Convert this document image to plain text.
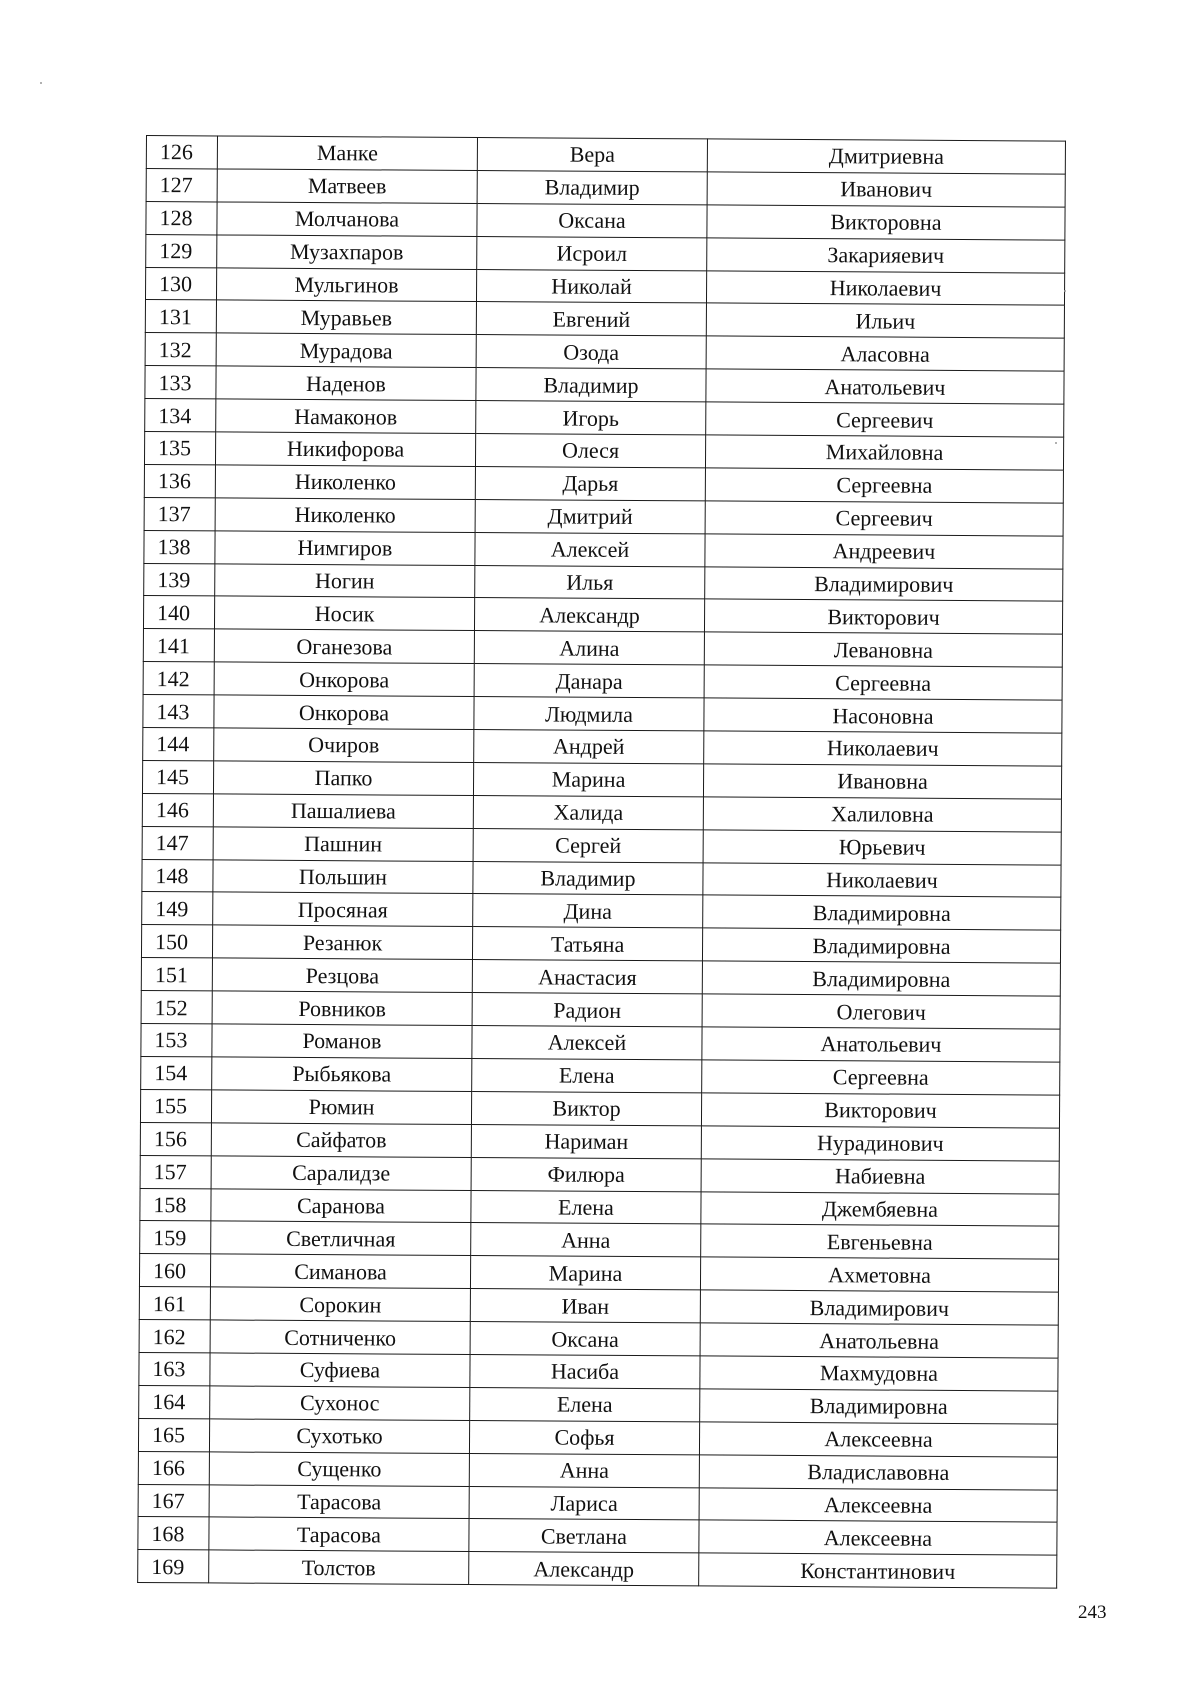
126	Манке	Вера	Дмитриевна
127	Матвеев	Владимир	Иванович
128	Молчанова	Оксана	Викторовна
129	Музахпаров	Исроил	Закарияевич
130	Мульгинов	Николай	Николаевич
131	Муравьев	Евгений	Ильич
132	Мурадова	Озода	Аласовна
133	Наденов	Владимир	Анатольевич
134	Намаконов	Игорь	Сергеевич
135	Никифорова	Олеся	Михайловна
136	Николенко	Дарья	Сергеевна
137	Николенко	Дмитрий	Сергеевич
138	Нимгиров	Алексей	Андреевич
139	Ногин	Илья	Владимирович
140	Носик	Александр	Викторович
141	Оганезова	Алина	Левановна
142	Онкорова	Данара	Сергеевна
143	Онкорова	Людмила	Насоновна
144	Очиров	Андрей	Николаевич
145	Папко	Марина	Ивановна
146	Пашалиева	Халида	Халиловна
147	Пашнин	Сергей	Юрьевич
148	Польшин	Владимир	Николаевич
149	Просяная	Дина	Владимировна
150	Резанюк	Татьяна	Владимировна
151	Резцова	Анастасия	Владимировна
152	Ровников	Радион	Олегович
153	Романов	Алексей	Анатольевич
154	Рыбьякова	Елена	Сергеевна
155	Рюмин	Виктор	Викторович
156	Сайфатов	Нариман	Нурадинович
157	Саралидзе	Филюра	Набиевна
158	Саранова	Елена	Джембяевна
159	Светличная	Анна	Евгеньевна
160	Симанова	Марина	Ахметовна
161	Сорокин	Иван	Владимирович
162	Сотниченко	Оксана	Анатольевна
163	Суфиева	Насиба	Махмудовна
164	Сухонос	Елена	Владимировна
165	Сухотько	Софья	Алексеевна
166	Сущенко	Анна	Владиславовна
167	Тарасова	Лариса	Алексеевна
168	Тарасова	Светлана	Алексеевна
169	Толстов	Александр	Константинович
243
